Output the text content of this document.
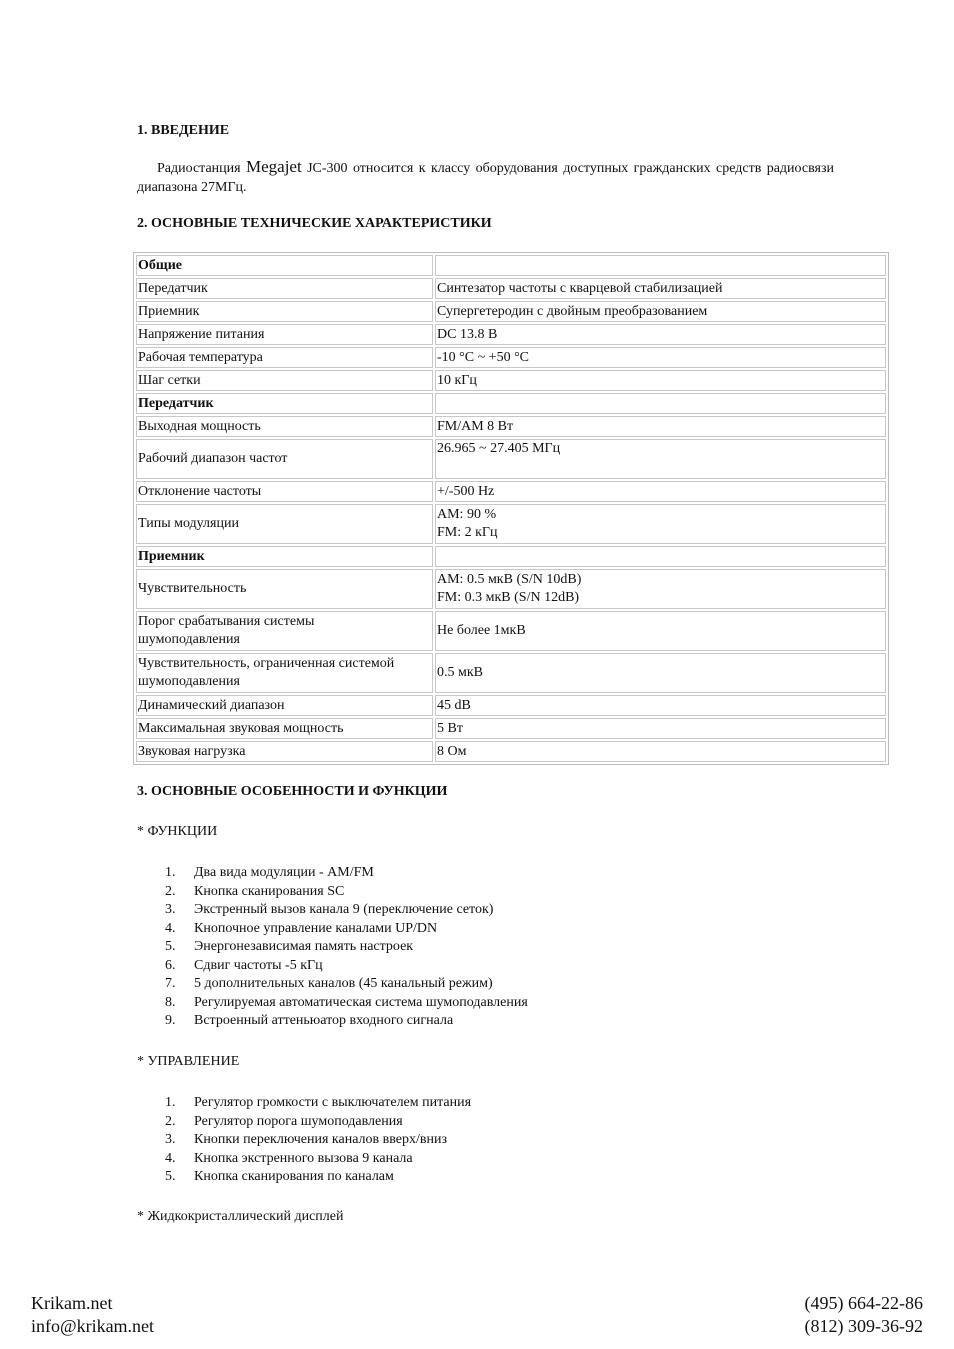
1. ВВЕДЕНИЕ
Радиостанция Megajet JC-300 относится к классу оборудования доступных гражданских средств радиосвязи диапазона 27МГц.
2. ОСНОВНЫЕ ТЕХНИЧЕСКИЕ ХАРАКТЕРИСТИКИ
Общие	
Передатчик	Синтезатор частоты с кварцевой стабилизацией
Приемник	Супергетеродин с двойным преобразованием
Напряжение питания	DC 13.8 В
Рабочая температура	-10 °C ~ +50 °C
Шаг сетки	10 кГц
Передатчик	
Выходная мощность	FM/AM 8 Вт
Рабочий диапазон частот	26.965 ~ 27.405 МГц
Отклонение частоты	+/-500 Hz
Типы модуляции	AM: 90 %
FM: 2 кГц

Приемник	
Чувствительность	AM: 0.5 мкВ (S/N 10dB)
FM: 0.3 мкВ (S/N 12dB)

Порог срабатывания системы
шумоподавления	Не более 1мкВ

Чувствительность, ограниченная системой
шумоподавления	0.5 мкВ
Динамический диапазон	45 dB
Максимальная звуковая мощность	5 Вт
Звуковая нагрузка	8 Ом
3. ОСНОВНЫЕ ОСОБЕННОСТИ И ФУНКЦИИ
* ФУНКЦИИ
1. Два вида модуляции - AM/FM
2. Кнопка сканирования SC
3. Экстренный вызов канала 9 (переключение сеток)
4. Кнопочное управление каналами UP/DN
5. Энергонезависимая память настроек
6. Сдвиг частоты -5 кГц
7. 5 дополнительных каналов (45 канальный режим)
8. Регулируемая автоматическая система шумоподавления
9. Встроенный аттеньюатор входного сигнала
* УПРАВЛЕНИЕ
1. Регулятор громкости с выключателем питания
2. Регулятор порога шумоподавления
3. Кнопки переключения каналов вверх/вниз
4. Кнопка экстренного вызова 9 канала
5. Кнопка сканирования по каналам
* Жидкокристаллический дисплей
Krikam.net
info@krikam.net
(495) 664-22-86
(812) 309-36-92
